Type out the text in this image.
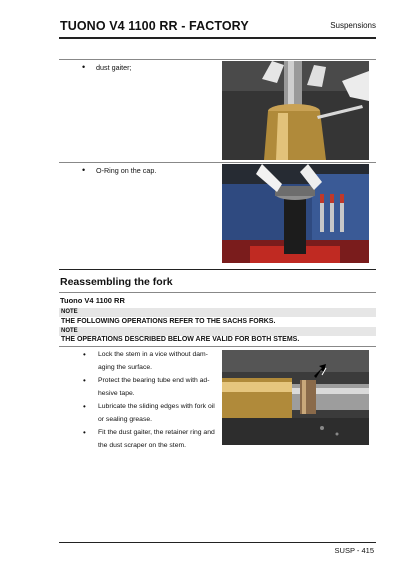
TUONO V4 1100 RR - FACTORY	Suspensions
•	dust gaiter;
•	O-Ring on the cap.
Reassembling the fork
Tuono V4 1100 RR
NOTE
THE FOLLOWING OPERATIONS REFER TO THE SACHS FORKS.
NOTE
THE OPERATIONS DESCRIBED BELOW ARE VALID FOR BOTH STEMS.
•	Lock the stem in a vice without dam-
aging the surface.
•	Protect the bearing tube end with ad-
hesive tape.
•	Lubricate the sliding edges with fork oil
or sealing grease.
•	Fit the dust gaiter, the retainer ring and
the dust scraper on the stem.
SUSP - 415
